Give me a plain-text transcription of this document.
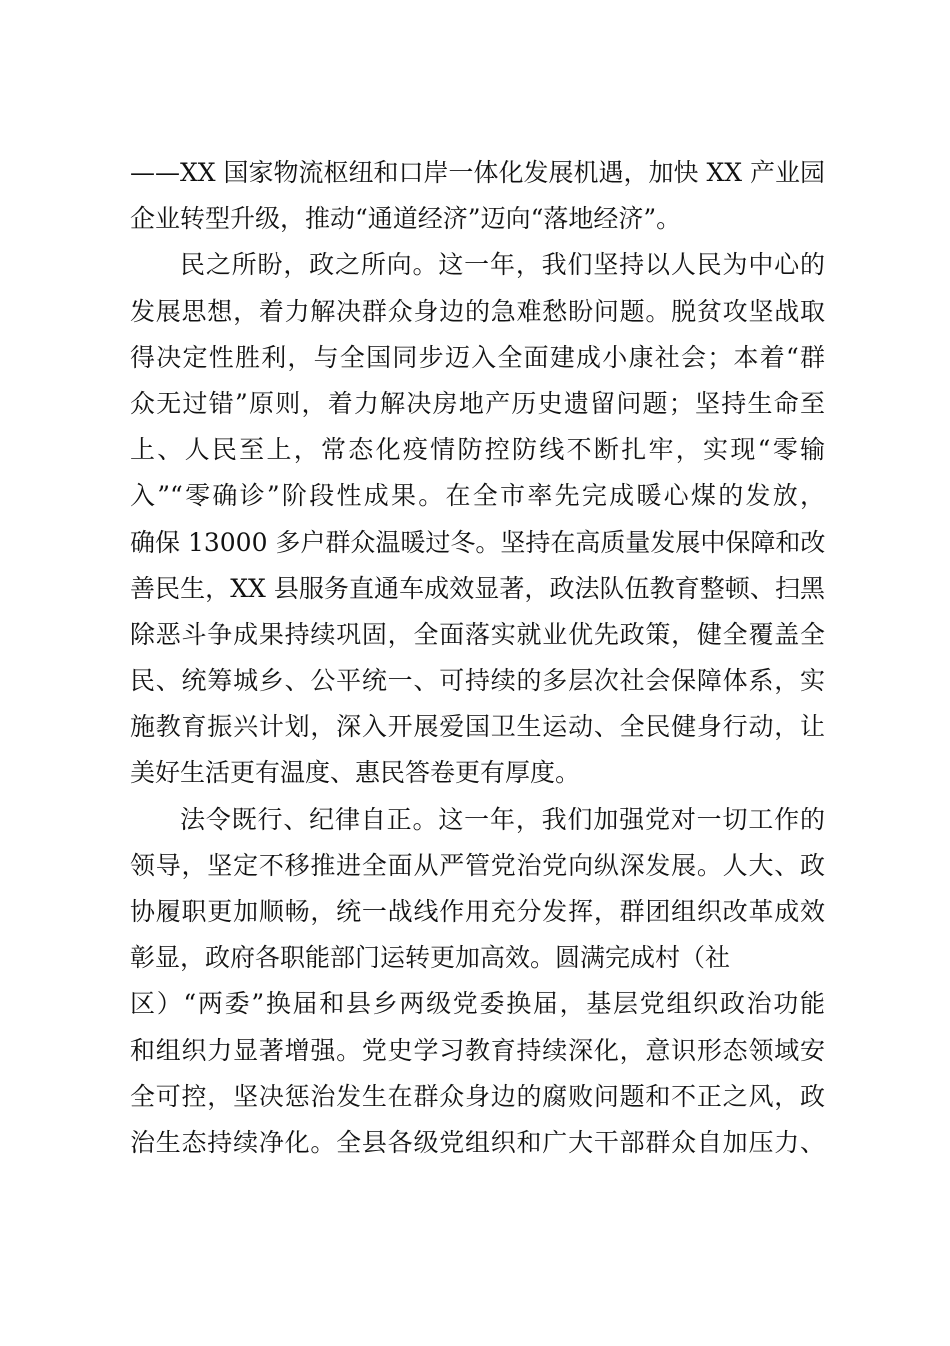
——XX 国家物流枢纽和口岸一体化发展机遇，加快 XX 产业园
企业转型升级，推动“通道经济”迈向“落地经济”。
民之所盼，政之所向。这一年，我们坚持以人民为中心的
发展思想，着力解决群众身边的急难愁盼问题。脱贫攻坚战取
得决定性胜利，与全国同步迈入全面建成小康社会；本着“群
众无过错”原则，着力解决房地产历史遗留问题；坚持生命至
上、人民至上，常态化疫情防控防线不断扎牢，实现“零输
入”“零确诊”阶段性成果。在全市率先完成暖心煤的发放，
确保 13000 多户群众温暖过冬。坚持在高质量发展中保障和改
善民生，XX 县服务直通车成效显著，政法队伍教育整顿、扫黑
除恶斗争成果持续巩固，全面落实就业优先政策，健全覆盖全
民、统筹城乡、公平统一、可持续的多层次社会保障体系，实
施教育振兴计划，深入开展爱国卫生运动、全民健身行动，让
美好生活更有温度、惠民答卷更有厚度。
法令既行、纪律自正。这一年，我们加强党对一切工作的
领导，坚定不移推进全面从严管党治党向纵深发展。人大、政
协履职更加顺畅，统一战线作用充分发挥，群团组织改革成效
彰显，政府各职能部门运转更加高效。圆满完成村（社
区）“两委”换届和县乡两级党委换届，基层党组织政治功能
和组织力显著增强。党史学习教育持续深化，意识形态领域安
全可控，坚决惩治发生在群众身边的腐败问题和不正之风，政
治生态持续净化。全县各级党组织和广大干部群众自加压力、
